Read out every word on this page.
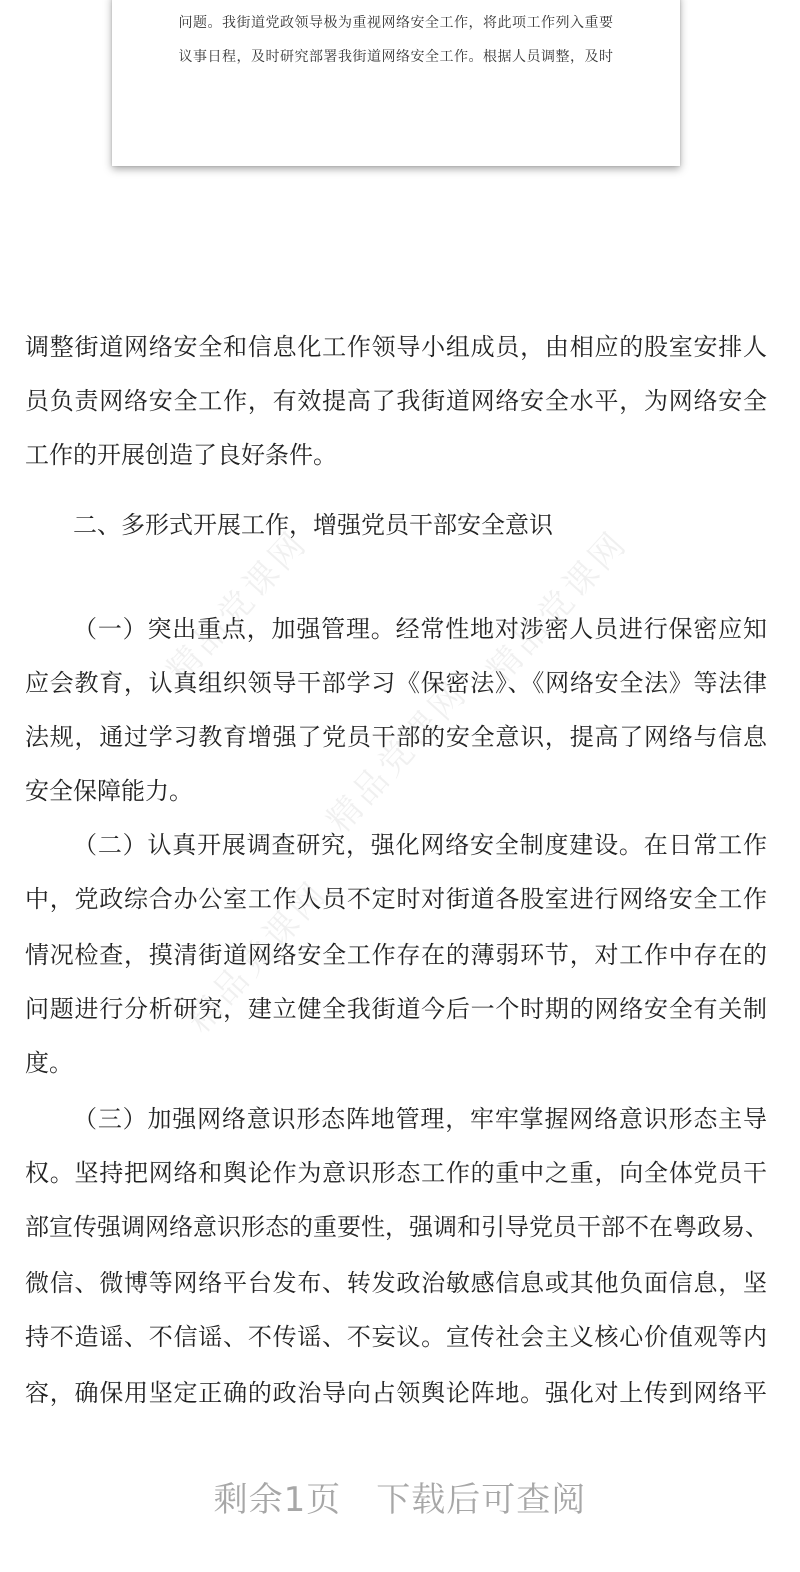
问题。我街道党政领导极为重视网络安全工作，将此项工作列入重要
议事日程，及时研究部署我街道网络安全工作。根据人员调整，及时
精品党课网	精品党课网
精品党课网
精品党课网
调整街道网络安全和信息化工作领导小组成员，由相应的股室安排人
员负责网络安全工作，有效提高了我街道网络安全水平，为网络安全
工作的开展创造了良好条件。
二、多形式开展工作，增强党员干部安全意识
（一）突出重点，加强管理。经常性地对涉密人员进行保密应知
应会教育，认真组织领导干部学习《保密法》、《网络安全法》等法律
法规，通过学习教育增强了党员干部的安全意识，提高了网络与信息
安全保障能力。
（二）认真开展调查研究，强化网络安全制度建设。在日常工作
中，党政综合办公室工作人员不定时对街道各股室进行网络安全工作
情况检查，摸清街道网络安全工作存在的薄弱环节，对工作中存在的
问题进行分析研究，建立健全我街道今后一个时期的网络安全有关制
度。
（三）加强网络意识形态阵地管理，牢牢掌握网络意识形态主导
权。坚持把网络和舆论作为意识形态工作的重中之重，向全体党员干
部宣传强调网络意识形态的重要性，强调和引导党员干部不在粤政易、
微信、微博等网络平台发布、转发政治敏感信息或其他负面信息，坚
持不造谣、不信谣、不传谣、不妄议。宣传社会主义核心价值观等内
容，确保用坚定正确的政治导向占领舆论阵地。强化对上传到网络平
剩余1页　下载后可查阅
